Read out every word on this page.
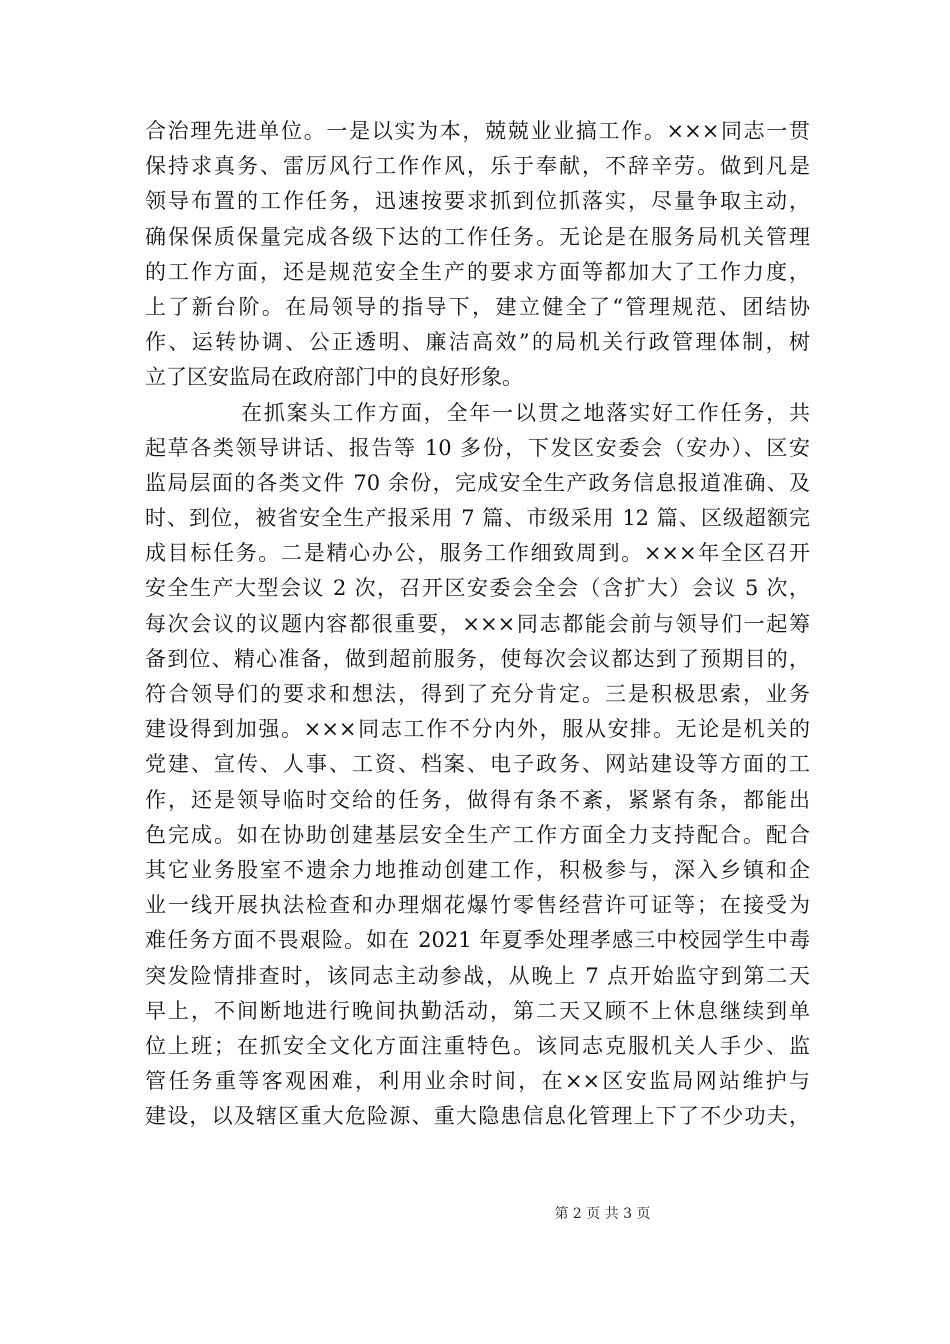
合治理先进单位。一是以实为本，兢兢业业搞工作。×××同志一贯
保持求真务、雷厉风行工作作风，乐于奉献，不辞辛劳。做到凡是
领导布置的工作任务，迅速按要求抓到位抓落实，尽量争取主动，
确保保质保量完成各级下达的工作任务。无论是在服务局机关管理
的工作方面，还是规范安全生产的要求方面等都加大了工作力度，
上了新台阶。在局领导的指导下，建立健全了“管理规范、团结协
作、运转协调、公正透明、廉洁高效”的局机关行政管理体制，树
立了区安监局在政府部门中的良好形象。
在抓案头工作方面，全年一以贯之地落实好工作任务，共
起草各类领导讲话、报告等 10 多份，下发区安委会（安办）、区安
监局层面的各类文件 70 余份，完成安全生产政务信息报道准确、及
时、到位，被省安全生产报采用 7 篇、市级采用 12 篇、区级超额完
成目标任务。二是精心办公，服务工作细致周到。×××年全区召开
安全生产大型会议 2 次，召开区安委会全会（含扩大）会议 5 次，
每次会议的议题内容都很重要，×××同志都能会前与领导们一起筹
备到位、精心准备，做到超前服务，使每次会议都达到了预期目的，
符合领导们的要求和想法，得到了充分肯定。三是积极思索，业务
建设得到加强。×××同志工作不分内外，服从安排。无论是机关的
党建、宣传、人事、工资、档案、电子政务、网站建设等方面的工
作，还是领导临时交给的任务，做得有条不紊，紧紧有条，都能出
色完成。如在协助创建基层安全生产工作方面全力支持配合。配合
其它业务股室不遗余力地推动创建工作，积极参与，深入乡镇和企
业一线开展执法检查和办理烟花爆竹零售经营许可证等；在接受为
难任务方面不畏艰险。如在 2021 年夏季处理孝感三中校园学生中毒
突发险情排查时，该同志主动参战，从晚上 7 点开始监守到第二天
早上，不间断地进行晚间执勤活动，第二天又顾不上休息继续到单
位上班；在抓安全文化方面注重特色。该同志克服机关人手少、监
管任务重等客观困难，利用业余时间，在××区安监局网站维护与
建设，以及辖区重大危险源、重大隐患信息化管理上下了不少功夫，
第 2 页 共 3 页
